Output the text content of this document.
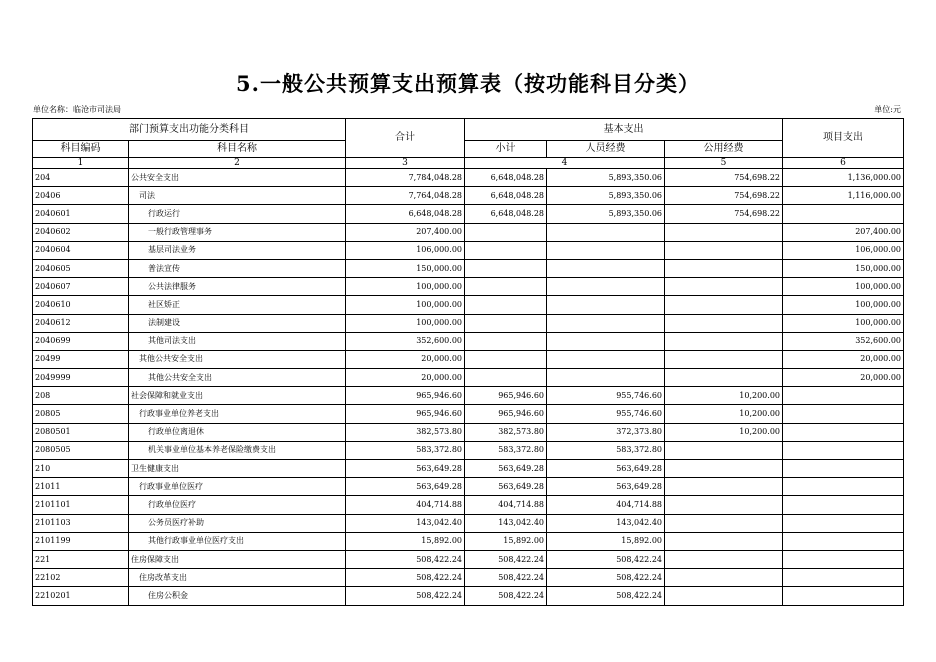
5.一般公共预算支出预算表（按功能科目分类）
单位名称：临沧市司法局	单位:元
部门预算支出功能分类科目		合计	基本支出			项目支出
科目编码	科目名称		小计	人员经费	公用经费	
1	2	3	4		5	6
204	公共安全支出	7,784,048.28	6,648,048.28	5,893,350.06	754,698.22	1,136,000.00
20406	司法	7,764,048.28	6,648,048.28	5,893,350.06	754,698.22	1,116,000.00
2040601	行政运行	6,648,048.28	6,648,048.28	5,893,350.06	754,698.22	
2040602	一般行政管理事务	207,400.00				207,400.00
2040604	基层司法业务	106,000.00				106,000.00
2040605	普法宣传	150,000.00				150,000.00
2040607	公共法律服务	100,000.00				100,000.00
2040610	社区矫正	100,000.00				100,000.00
2040612	法制建设	100,000.00				100,000.00
2040699	其他司法支出	352,600.00				352,600.00
20499	其他公共安全支出	20,000.00				20,000.00
2049999	其他公共安全支出	20,000.00				20,000.00
208	社会保障和就业支出	965,946.60	965,946.60	955,746.60	10,200.00	
20805	行政事业单位养老支出	965,946.60	965,946.60	955,746.60	10,200.00	
2080501	行政单位离退休	382,573.80	382,573.80	372,373.80	10,200.00	
2080505	机关事业单位基本养老保险缴费支出	583,372.80	583,372.80	583,372.80		
210	卫生健康支出	563,649.28	563,649.28	563,649.28		
21011	行政事业单位医疗	563,649.28	563,649.28	563,649.28		
2101101	行政单位医疗	404,714.88	404,714.88	404,714.88		
2101103	公务员医疗补助	143,042.40	143,042.40	143,042.40		
2101199	其他行政事业单位医疗支出	15,892.00	15,892.00	15,892.00		
221	住房保障支出	508,422.24	508,422.24	508,422.24		
22102	住房改革支出	508,422.24	508,422.24	508,422.24		
2210201	住房公积金	508,422.24	508,422.24	508,422.24		
